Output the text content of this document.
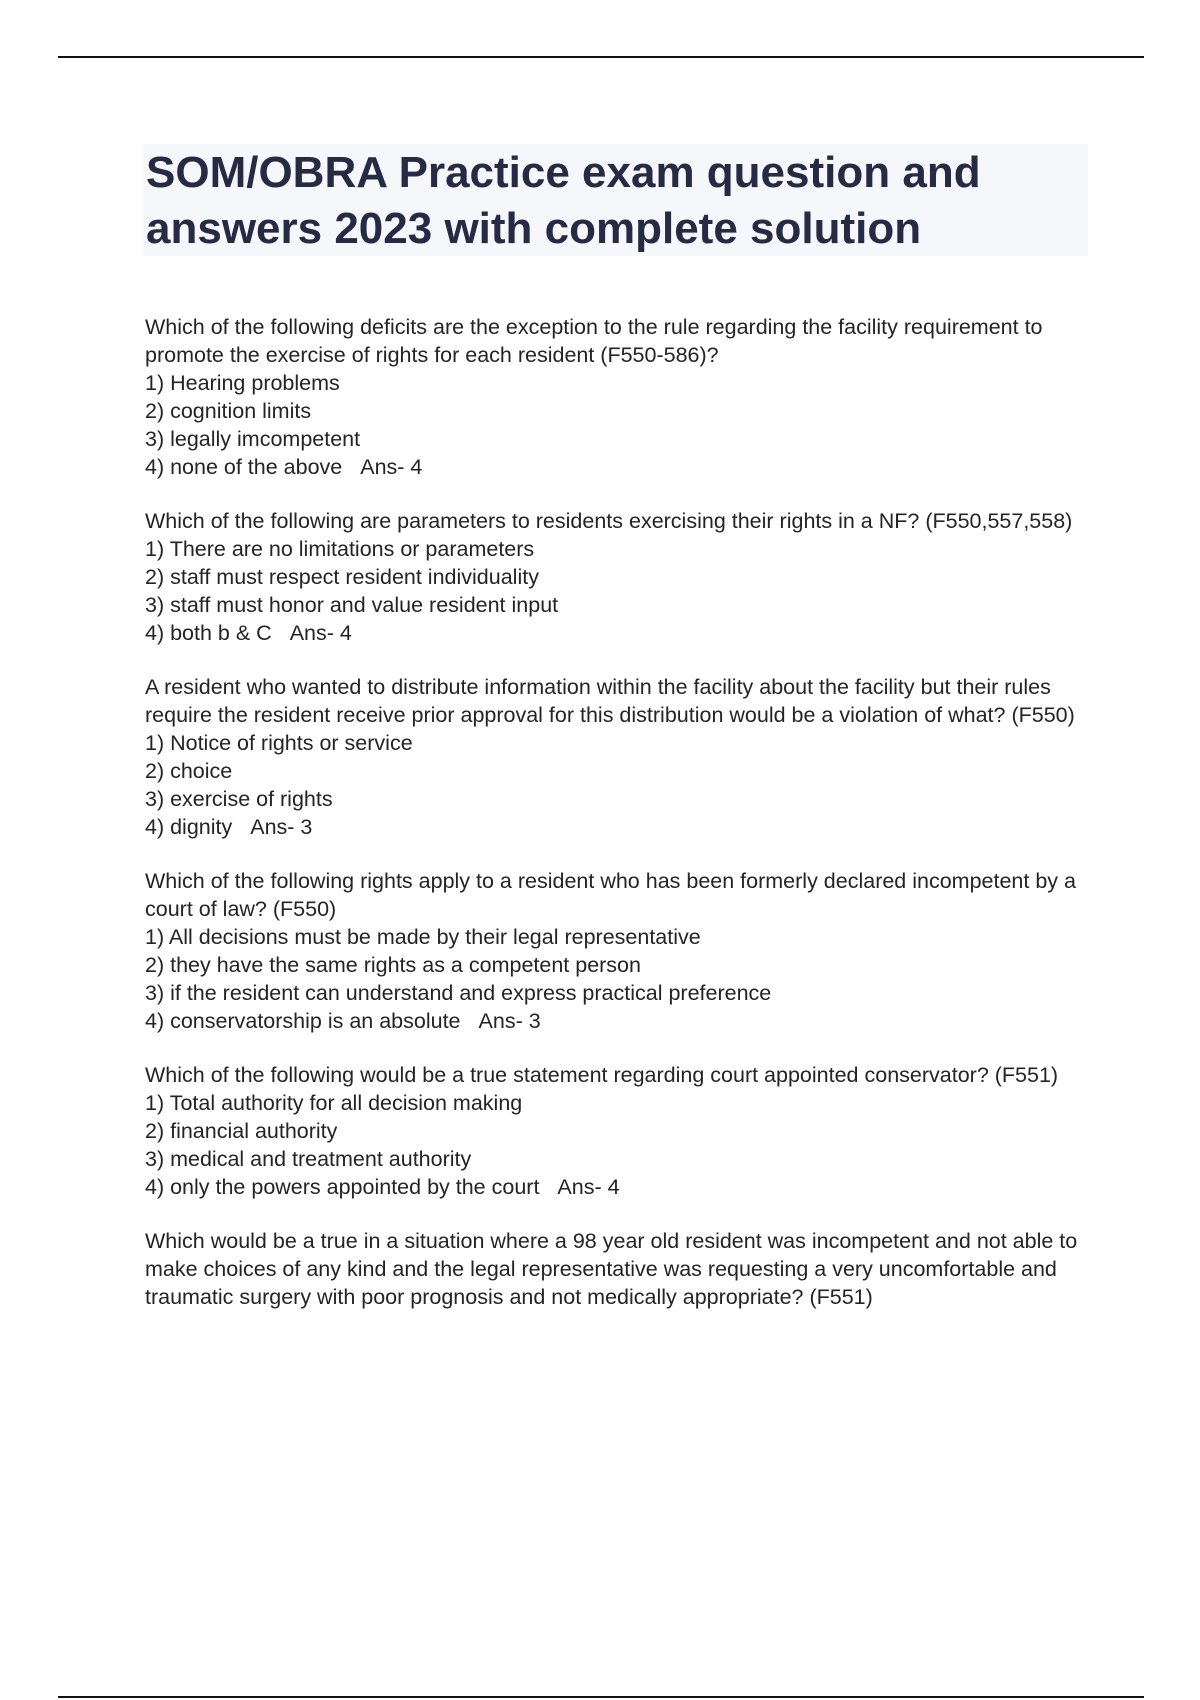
SOM/OBRA Practice exam question and answers 2023 with complete solution

Which of the following deficits are the exception to the rule regarding the facility requirement to promote the exercise of rights for each resident (F550-586)?

1) Hearing problems

2) cognition limits

3) legally imcompetent

4) none of the above Ans- 4

Which of the following are parameters to residents exercising their rights in a NF? (F550,557,558)

1) There are no limitations or parameters

2) staff must respect resident individuality

3) staff must honor and value resident input

4) both b & C Ans- 4

A resident who wanted to distribute information within the facility about the facility but their rules require the resident receive prior approval for this distribution would be a violation of what? (F550)

1) Notice of rights or service

2) choice

3) exercise of rights

4) dignity Ans- 3

Which of the following rights apply to a resident who has been formerly declared incompetent by a court of law? (F550)

1) All decisions must be made by their legal representative

2) they have the same rights as a competent person

3) if the resident can understand and express practical preference

4) conservatorship is an absolute Ans- 3

Which of the following would be a true statement regarding court appointed conservator? (F551)

1) Total authority for all decision making

2) financial authority

3) medical and treatment authority

4) only the powers appointed by the court Ans- 4

Which would be a true in a situation where a 98 year old resident was incompetent and not able to make choices of any kind and the legal representative was requesting a very uncomfortable and traumatic surgery with poor prognosis and not medically appropriate? (F551)
